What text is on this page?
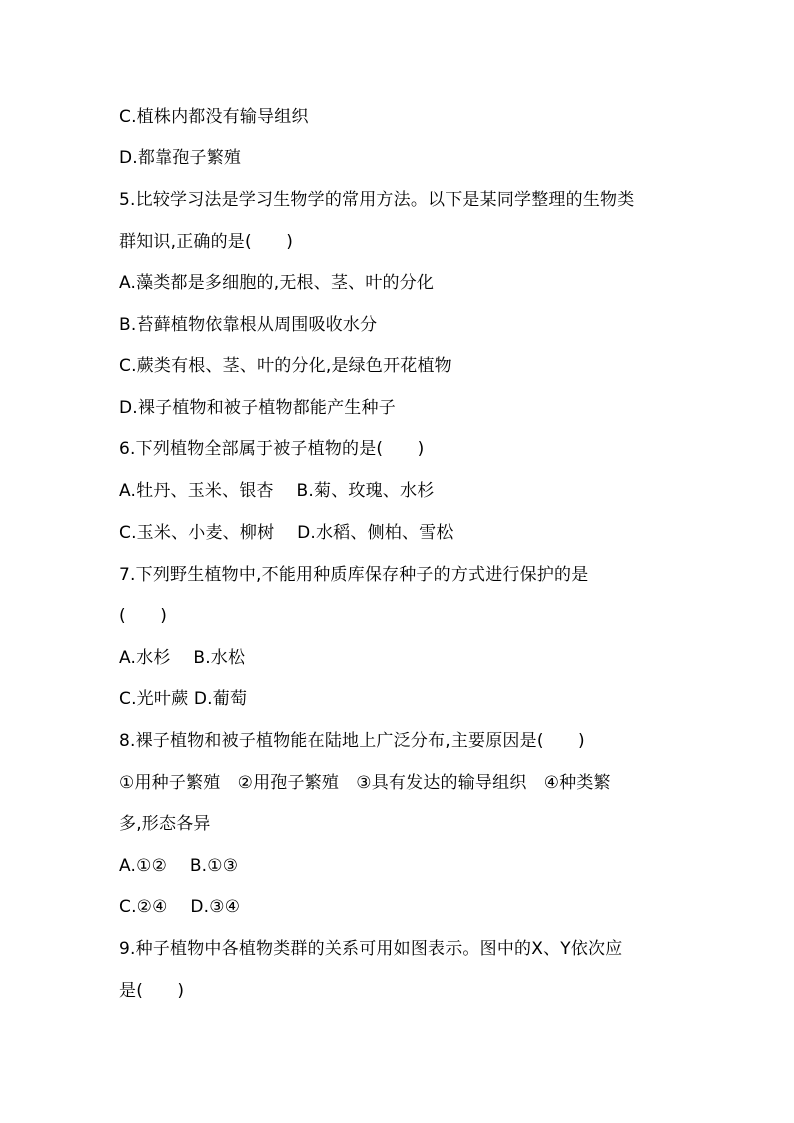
C.植株内都没有输导组织
D.都靠孢子繁殖
5.比较学习法是学习生物学的常用方法。以下是某同学整理的生物类
群知识,正确的是(　　)
A.藻类都是多细胞的,无根、茎、叶的分化
B.苔藓植物依靠根从周围吸收水分
C.蕨类有根、茎、叶的分化,是绿色开花植物
D.裸子植物和被子植物都能产生种子
6.下列植物全部属于被子植物的是(　　)
A.牡丹、玉米、银杏　 B.菊、玫瑰、水杉
C.玉米、小麦、柳树　 D.水稻、侧柏、雪松
7.下列野生植物中,不能用种质库保存种子的方式进行保护的是
(　　)
A.水杉　 B.水松
C.光叶蕨 D.葡萄
8.裸子植物和被子植物能在陆地上广泛分布,主要原因是(　　)
①用种子繁殖　②用孢子繁殖　③具有发达的输导组织　④种类繁
多,形态各异
A.①②　 B.①③
C.②④　 D.③④
9.种子植物中各植物类群的关系可用如图表示。图中的X、Y依次应
是(　　)
